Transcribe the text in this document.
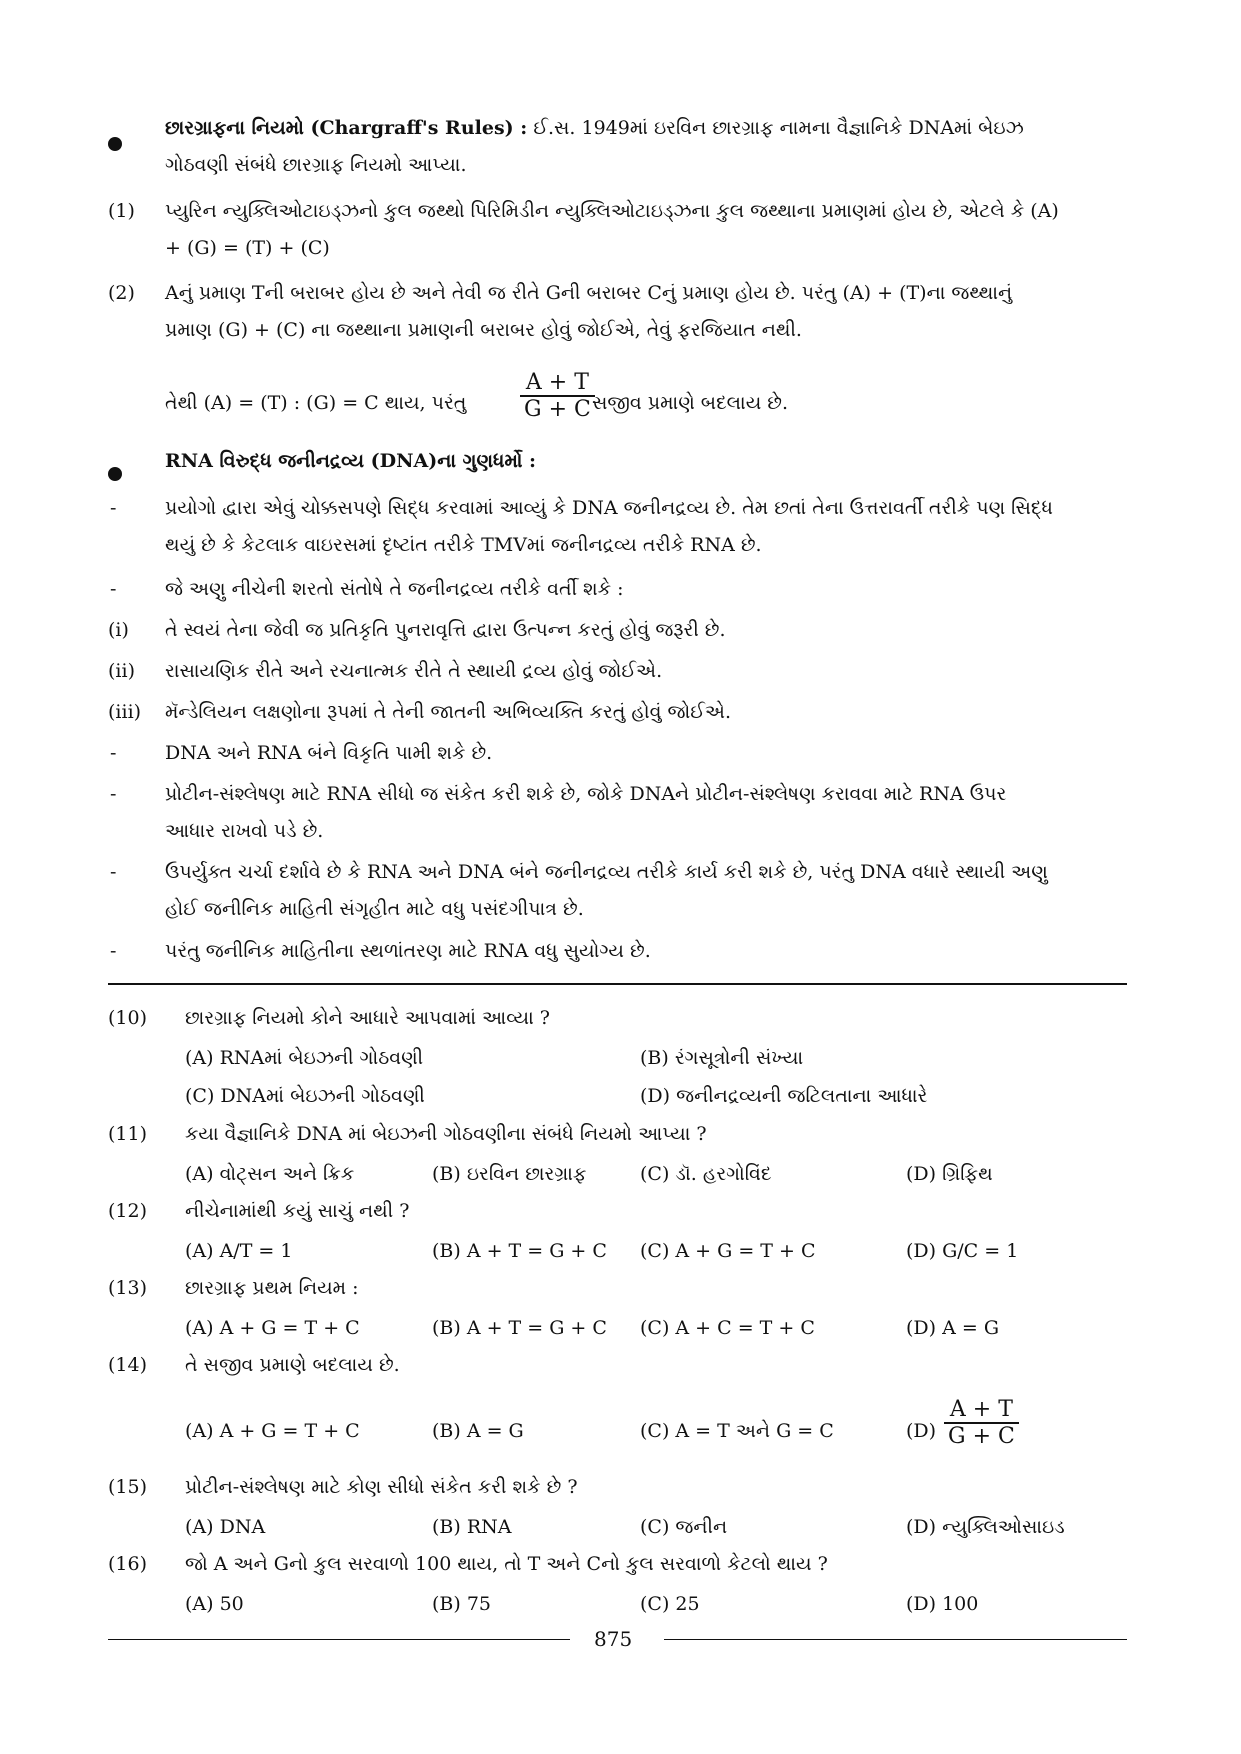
છારગ્રાફના નિયમો (Chargraff's Rules) : ઈ.સ. 1949માં ઇરવિન છારગ્રાફ નામના વૈજ્ઞાનિકે DNAમાં બેઇઝ
ગોઠવણી સંબંધે છારગ્રાફ નિયમો આપ્યા.
(1) પ્યુરિન ન્યુક્લિઓટાઇડ્ઝનો કુલ જથ્થો પિરિમિડીન ન્યુક્લિઓટાઇડ્ઝના કુલ જથ્થાના પ્રમાણમાં હોય છે, એટલે કે (A)
+ (G) = (T) + (C)
(2) Aનું પ્રમાણ Tની બરાબર હોય છે અને તેવી જ રીતે Gની બરાબર Cનું પ્રમાણ હોય છે. પરંતુ (A) + (T)ના જથ્થાનું
પ્રમાણ (G) + (C) ના જથ્થાના પ્રમાણની બરાબર હોવું જોઈએ, તેવું ફરજિયાત નથી.
તેથી (A) = (T) : (G) = C થાય, પરંતુ $\frac{A + T}{G + C}$
સજીવ પ્રમાણે બદલાય છે.
RNA વિરુદ્ધ જનીનદ્રવ્ય (DNA)ના ગુણધર્મો :
-	પ્રયોગો દ્વારા એવું ચોક્કસપણે સિદ્ધ કરવામાં આવ્યું કે DNA જનીનદ્રવ્ય છે. તેમ છતાં તેના ઉત્તરાવર્તી તરીકે પણ સિદ્ધ
થયું છે કે કેટલાક વાઇરસમાં દૃષ્ટાંત તરીકે TMVમાં જનીનદ્રવ્ય તરીકે RNA છે.
-	જે અણુ નીચેની શરતો સંતોષે તે જનીનદ્રવ્ય તરીકે વર્તી શકે :
(i) તે સ્વયં તેના જેવી જ પ્રતિકૃતિ પુનરાવૃત્તિ દ્વારા ઉત્પન્ન કરતું હોવું જરૂરી છે.
(ii) રાસાયણિક રીતે અને રચનાત્મક રીતે તે સ્થાયી દ્રવ્ય હોવું જોઈએ.
(iii) મૅન્ડેલિયન લક્ષણોના રૂપમાં તે તેની જાતની અભિવ્યક્તિ કરતું હોવું જોઈએ.
-	DNA અને RNA બંને વિકૃતિ પામી શકે છે.
-	પ્રોટીન-સંશ્લેષણ માટે RNA સીધો જ સંકેત કરી શકે છે, જોકે DNAને પ્રોટીન-સંશ્લેષણ કરાવવા માટે RNA ઉપર
આધાર રાખવો પડે છે.
-	ઉપર્યુક્ત ચર્ચા દર્શાવે છે કે RNA અને DNA બંને જનીનદ્રવ્ય તરીકે કાર્ય કરી શકે છે, પરંતુ DNA વધારે સ્થાયી અણુ
હોઈ જનીનિક માહિતી સંગૃહીત માટે વધુ પસંદગીપાત્ર છે.
-	પરંતુ જનીનિક માહિતીના સ્થળાંતરણ માટે RNA વધુ સુયોગ્ય છે.
(10) છારગ્રાફ નિયમો કોને આધારે આપવામાં આવ્યા ?
(A) RNAમાં બેઇઝની ગોઠવણી	(B) રંગસૂત્રોની સંખ્યા
(C) DNAમાં બેઇઝની ગોઠવણી	(D) જનીનદ્રવ્યની જટિલતાના આધારે
(11) કયા વૈજ્ઞાનિકે DNA માં બેઇઝની ગોઠવણીના સંબંધે નિયમો આપ્યા ?
(A) વોટ્સન અને ક્રિક	(B) ઇરવિન છારગ્રાફ	(C) ડૉ. હરગોવિંદ	(D) ગ્રિફિથ
(12) નીચેનામાંથી કયું સાચું નથી ?
(A) A/T = 1	(B) A + T = G + C (C) A + G = T + C	(D) G/C = 1
(13) છારગ્રાફ પ્રથમ નિયમ :
(A) A + G = T + C	(B) A + T = G + C (C) A + C = T + C	(D) A = G
(14) તે સજીવ પ્રમાણે બદલાય છે.
(A) A + G = T + C	(B) A = G	(C) A = T અને G = C	$(D) \frac{A + T}{G + C}$
(15) પ્રોટીન-સંશ્લેષણ માટે કોણ સીધો સંકેત કરી શકે છે ?
(A) DNA	(B) RNA	(C) જનીન	(D) ન્યુક્લિઓસાઇડ
(16) જો A અને Gનો કુલ સરવાળો 100 થાય, તો T અને Cનો કુલ સરવાળો કેટલો થાય ?
(A) 50	(B) 75	(C) 25	(D) 100
875
